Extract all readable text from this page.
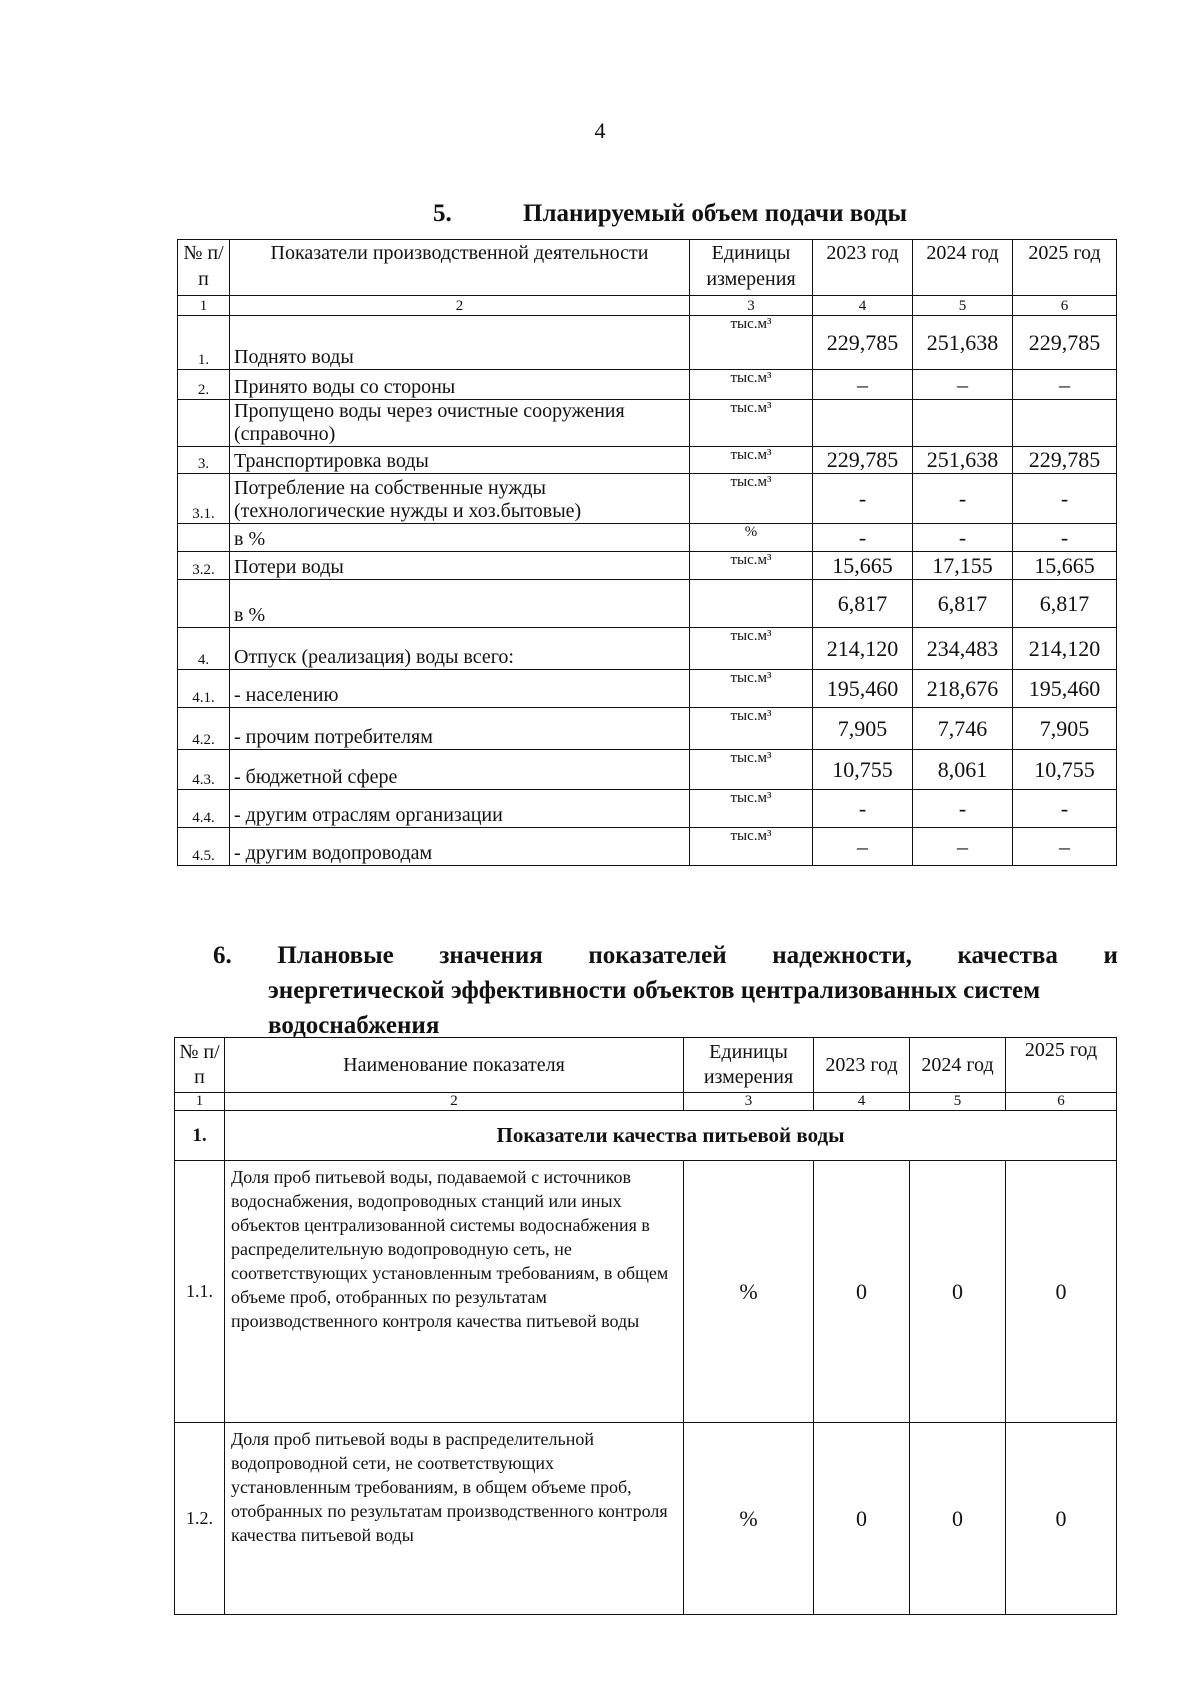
4
5.	Планируемый объем подачи воды
№ п/п	Показатели производственной деятельности	Единицы измерения	2023 год	2024 год	2025 год
1	2	3	4	5	6
1.	Поднято воды	тыс.м³	229,785	251,638	229,785
2.	Принято воды со стороны	тыс.м³	–	–	–
	Пропущено воды через очистные сооружения (справочно)	тыс.м³			
3.	Транспортировка воды	тыс.м³	229,785	251,638	229,785
3.1.	Потребление на собственные нужды (технологические нужды и хоз.бытовые)	тыс.м³	-	-	-
	в %	%	-	-	-
3.2.	Потери воды	тыс.м³	15,665	17,155	15,665
	в %		6,817	6,817	6,817
4.	Отпуск (реализация) воды всего:	тыс.м³	214,120	234,483	214,120
4.1.	- населению	тыс.м³	195,460	218,676	195,460
4.2.	- прочим потребителям	тыс.м³	7,905	7,746	7,905
4.3.	- бюджетной сфере	тыс.м³	10,755	8,061	10,755
4.4.	- другим отраслям организации	тыс.м³	-	-	-
4.5.	- другим водопроводам	тыс.м³	–	–	–
6. Плановые значения показателей надежности, качества и
энергетической эффективности объектов централизованных систем водоснабжения
№ п/п	Наименование показателя	Единицы измерения	2023 год	2024 год	2025 год
1	2	3	4	5	6
1.	Показатели качества питьевой воды				
1.1.	Доля проб питьевой воды, подаваемой с источников водоснабжения, водопроводных станций или иных объектов централизованной системы водоснабжения в распределительную водопроводную сеть, не соответствующих установленным требованиям, в общем объеме проб, отобранных по результатам производственного контроля качества питьевой воды	%	0	0	0
1.2.	Доля проб питьевой воды в распределительной водопроводной сети, не соответствующих установленным требованиям, в общем объеме проб, отобранных по результатам производственного контроля качества питьевой воды	%	0	0	0
